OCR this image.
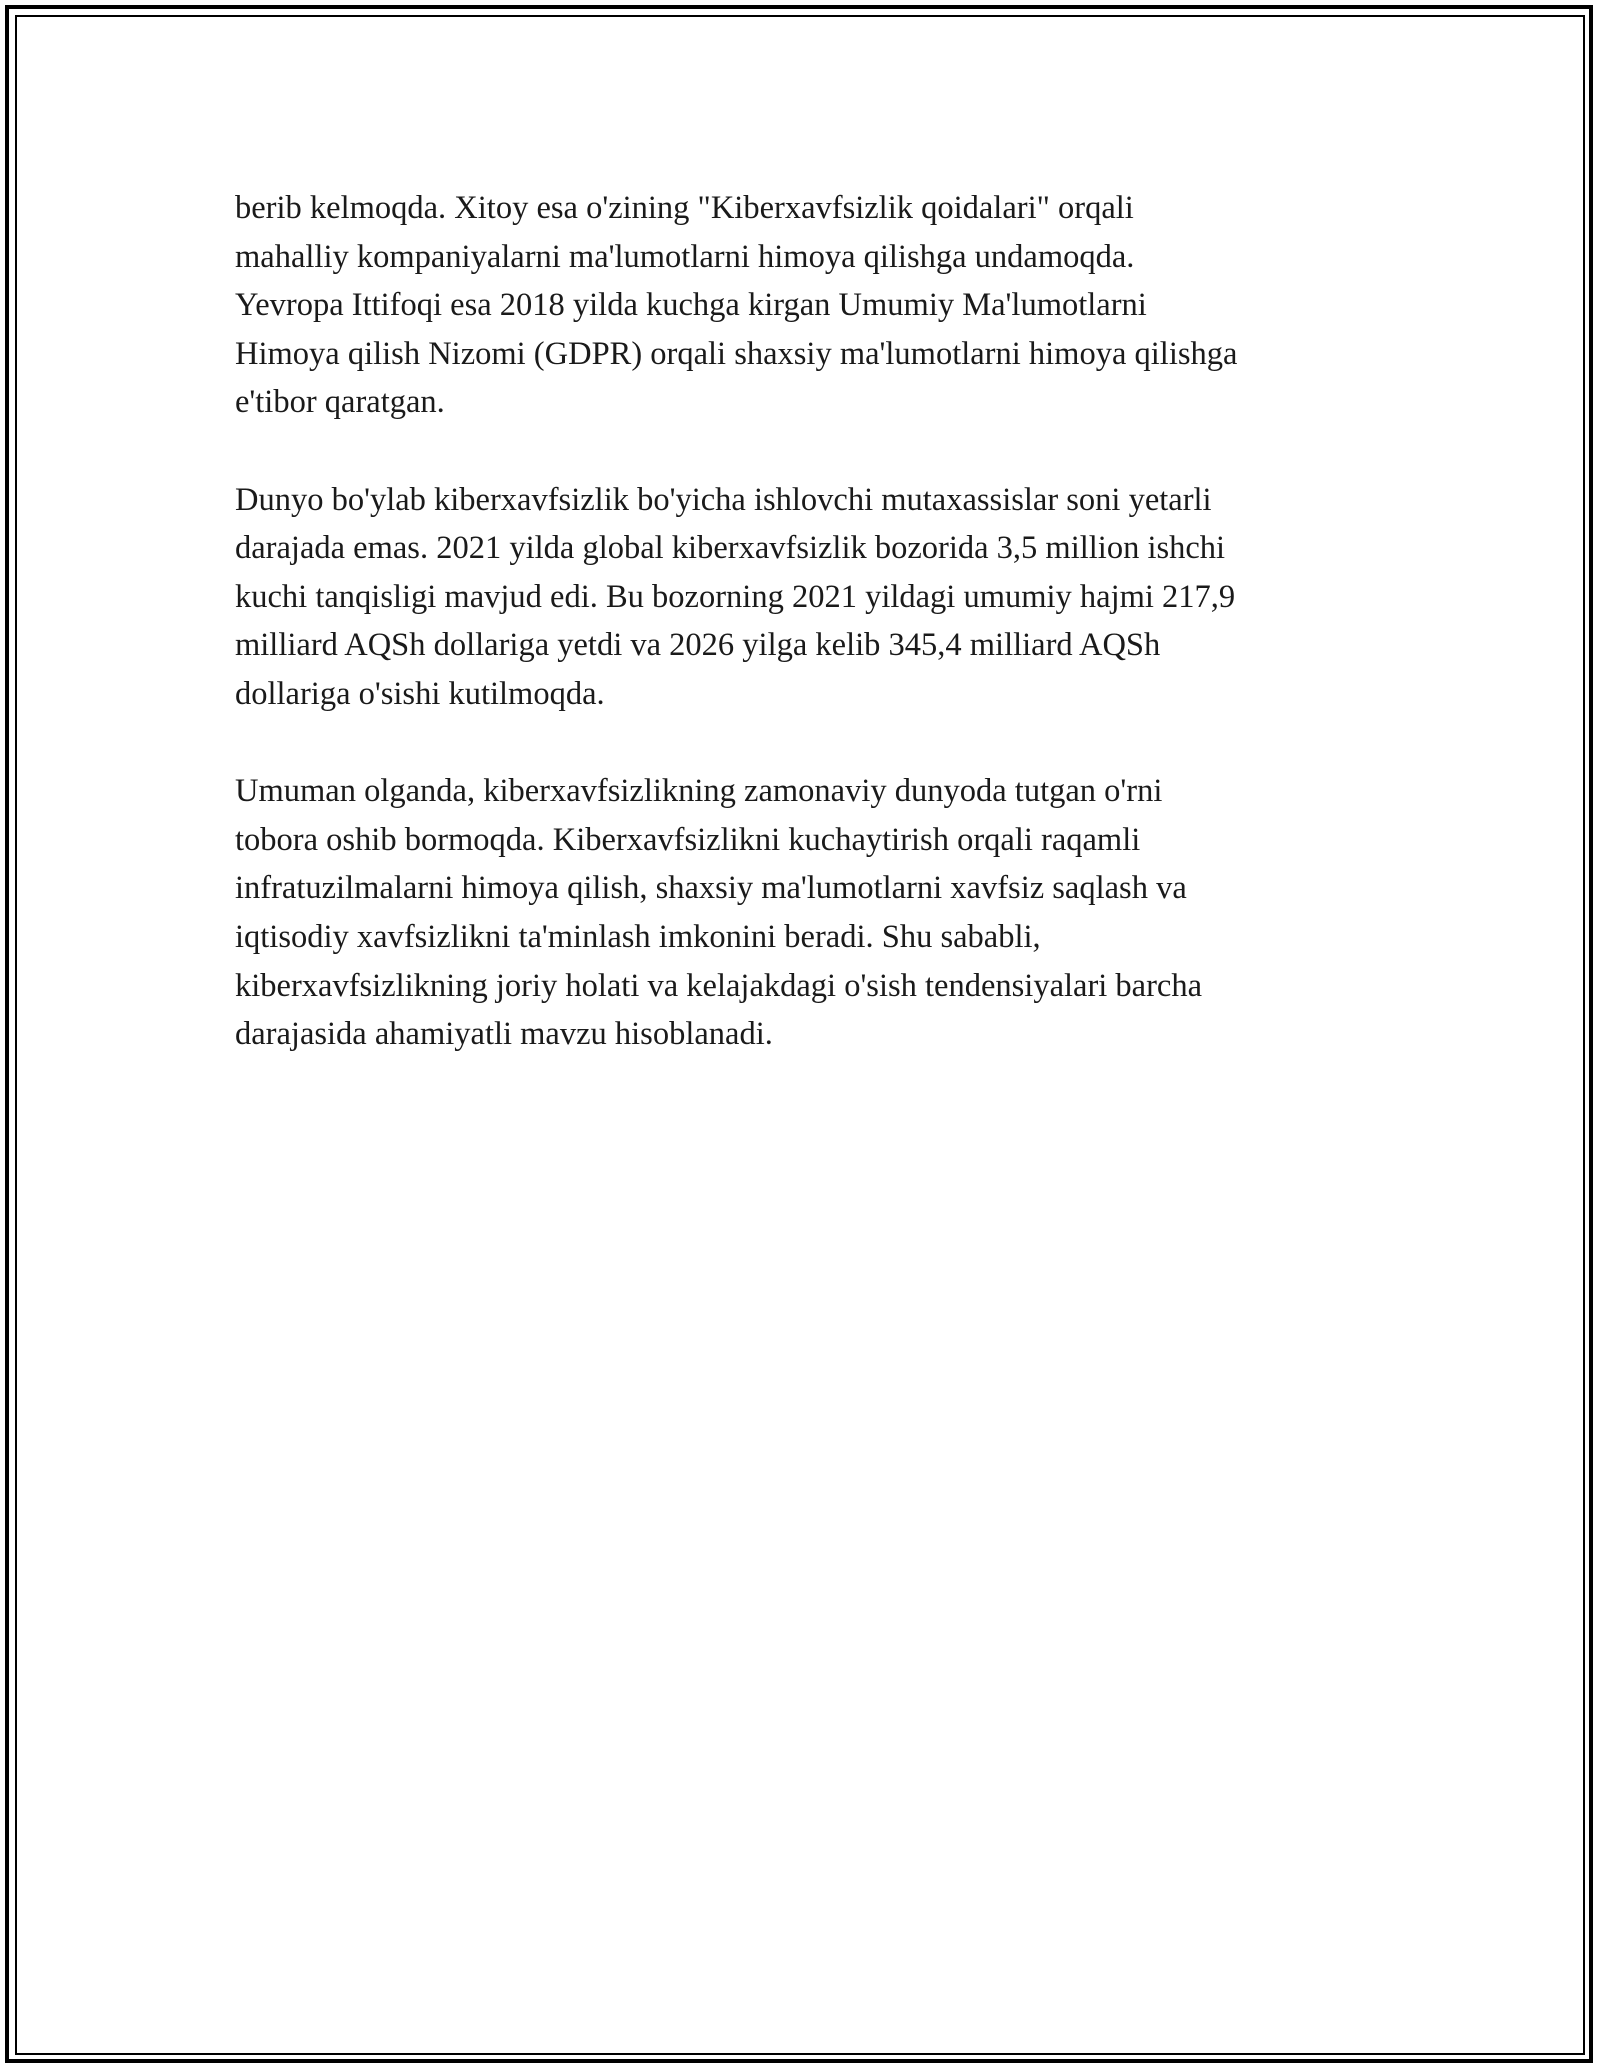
berib kelmoqda. Xitoy esa o'zining "Kiberxavfsizlik qoidalari" orqali
mahalliy kompaniyalarni ma'lumotlarni himoya qilishga undamoqda.
Yevropa Ittifoqi esa 2018 yilda kuchga kirgan Umumiy Ma'lumotlarni
Himoya qilish Nizomi (GDPR) orqali shaxsiy ma'lumotlarni himoya qilishga
e'tibor qaratgan.

Dunyo bo'ylab kiberxavfsizlik bo'yicha ishlovchi mutaxassislar soni yetarli
darajada emas. 2021 yilda global kiberxavfsizlik bozorida 3,5 million ishchi
kuchi tanqisligi mavjud edi. Bu bozorning 2021 yildagi umumiy hajmi 217,9
milliard AQSh dollariga yetdi va 2026 yilga kelib 345,4 milliard AQSh
dollariga o'sishi kutilmoqda.

Umuman olganda, kiberxavfsizlikning zamonaviy dunyoda tutgan o'rni
tobora oshib bormoqda. Kiberxavfsizlikni kuchaytirish orqali raqamli
infratuzilmalarni himoya qilish, shaxsiy ma'lumotlarni xavfsiz saqlash va
iqtisodiy xavfsizlikni ta'minlash imkonini beradi. Shu sababli,
kiberxavfsizlikning joriy holati va kelajakdagi o'sish tendensiyalari barcha
darajasida ahamiyatli mavzu hisoblanadi.
